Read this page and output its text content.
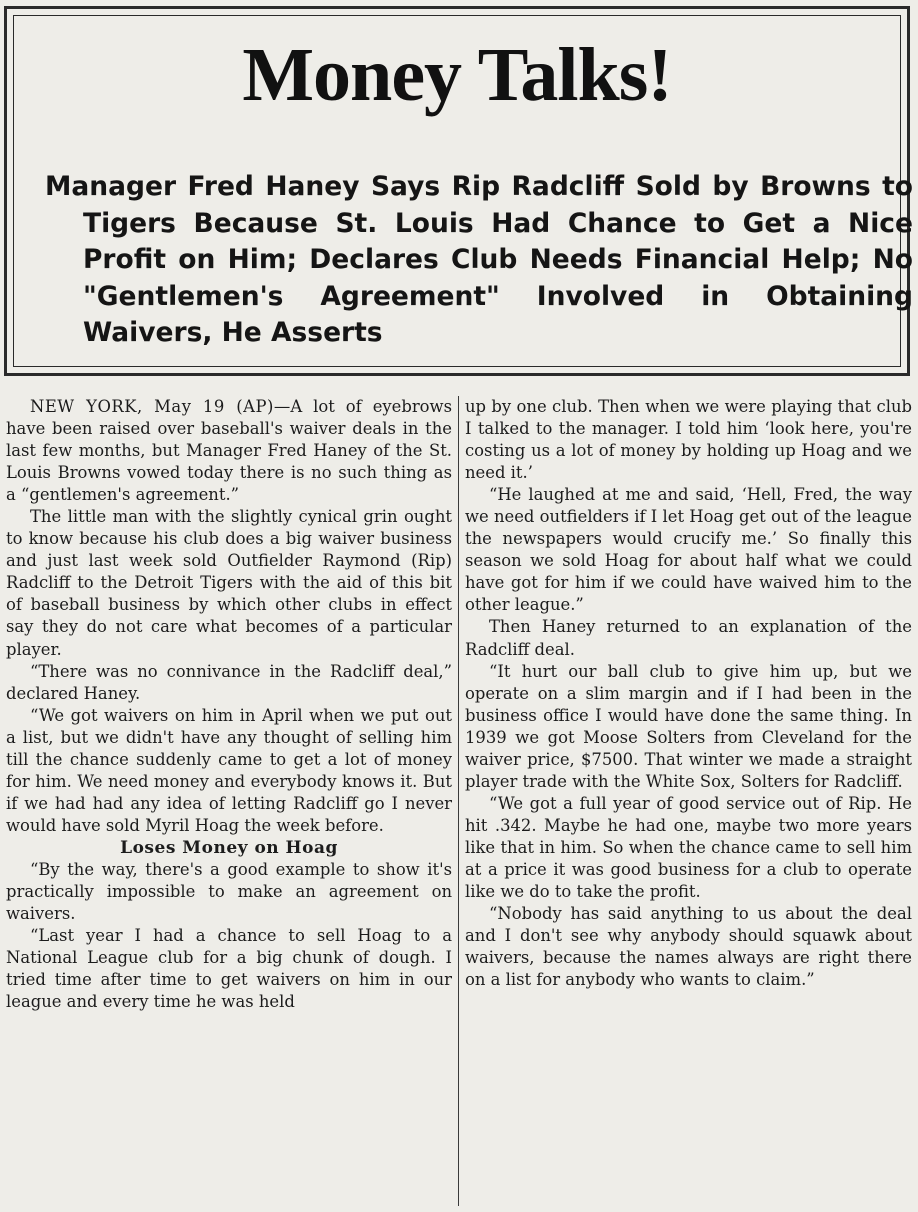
Money Talks!

Manager Fred Haney Says Rip Radcliff Sold by Browns to Tigers Because St. Louis Had Chance to Get a Nice Profit on Him; Declares Club Needs Financial Help; No "Gentlemen's Agreement" Involved in Obtaining Waivers, He Asserts

NEW YORK, May 19 (AP)—A lot of eyebrows have been raised over baseball's waiver deals in the last few months, but Manager Fred Haney of the St. Louis Browns vowed today there is no such thing as a “gentlemen's agreement.”

The little man with the slightly cynical grin ought to know because his club does a big waiver business and just last week sold Outfielder Raymond (Rip) Radcliff to the Detroit Tigers with the aid of this bit of baseball business by which other clubs in effect say they do not care what becomes of a particular player.

“There was no connivance in the Radcliff deal,” declared Haney.

“We got waivers on him in April when we put out a list, but we didn't have any thought of selling him till the chance suddenly came to get a lot of money for him. We need money and everybody knows it. But if we had had any idea of letting Radcliff go I never would have sold Myril Hoag the week before.

Loses Money on Hoag

“By the way, there's a good example to show it's practically impossible to make an agreement on waivers.

“Last year I had a chance to sell Hoag to a National League club for a big chunk of dough. I tried time after time to get waivers on him in our league and every time he was held

up by one club. Then when we were playing that club I talked to the manager. I told him ‘look here, you're costing us a lot of money by holding up Hoag and we need it.’

“He laughed at me and said, ‘Hell, Fred, the way we need outfielders if I let Hoag get out of the league the newspapers would crucify me.’ So finally this season we sold Hoag for about half what we could have got for him if we could have waived him to the other league.”

Then Haney returned to an explanation of the Radcliff deal.

“It hurt our ball club to give him up, but we operate on a slim margin and if I had been in the business office I would have done the same thing. In 1939 we got Moose Solters from Cleveland for the waiver price, $7500. That winter we made a straight player trade with the White Sox, Solters for Radcliff.

“We got a full year of good service out of Rip. He hit .342. Maybe he had one, maybe two more years like that in him. So when the chance came to sell him at a price it was good business for a club to operate like we do to take the profit.

“Nobody has said anything to us about the deal and I don't see why anybody should squawk about waivers, because the names always are right there on a list for anybody who wants to claim.”
